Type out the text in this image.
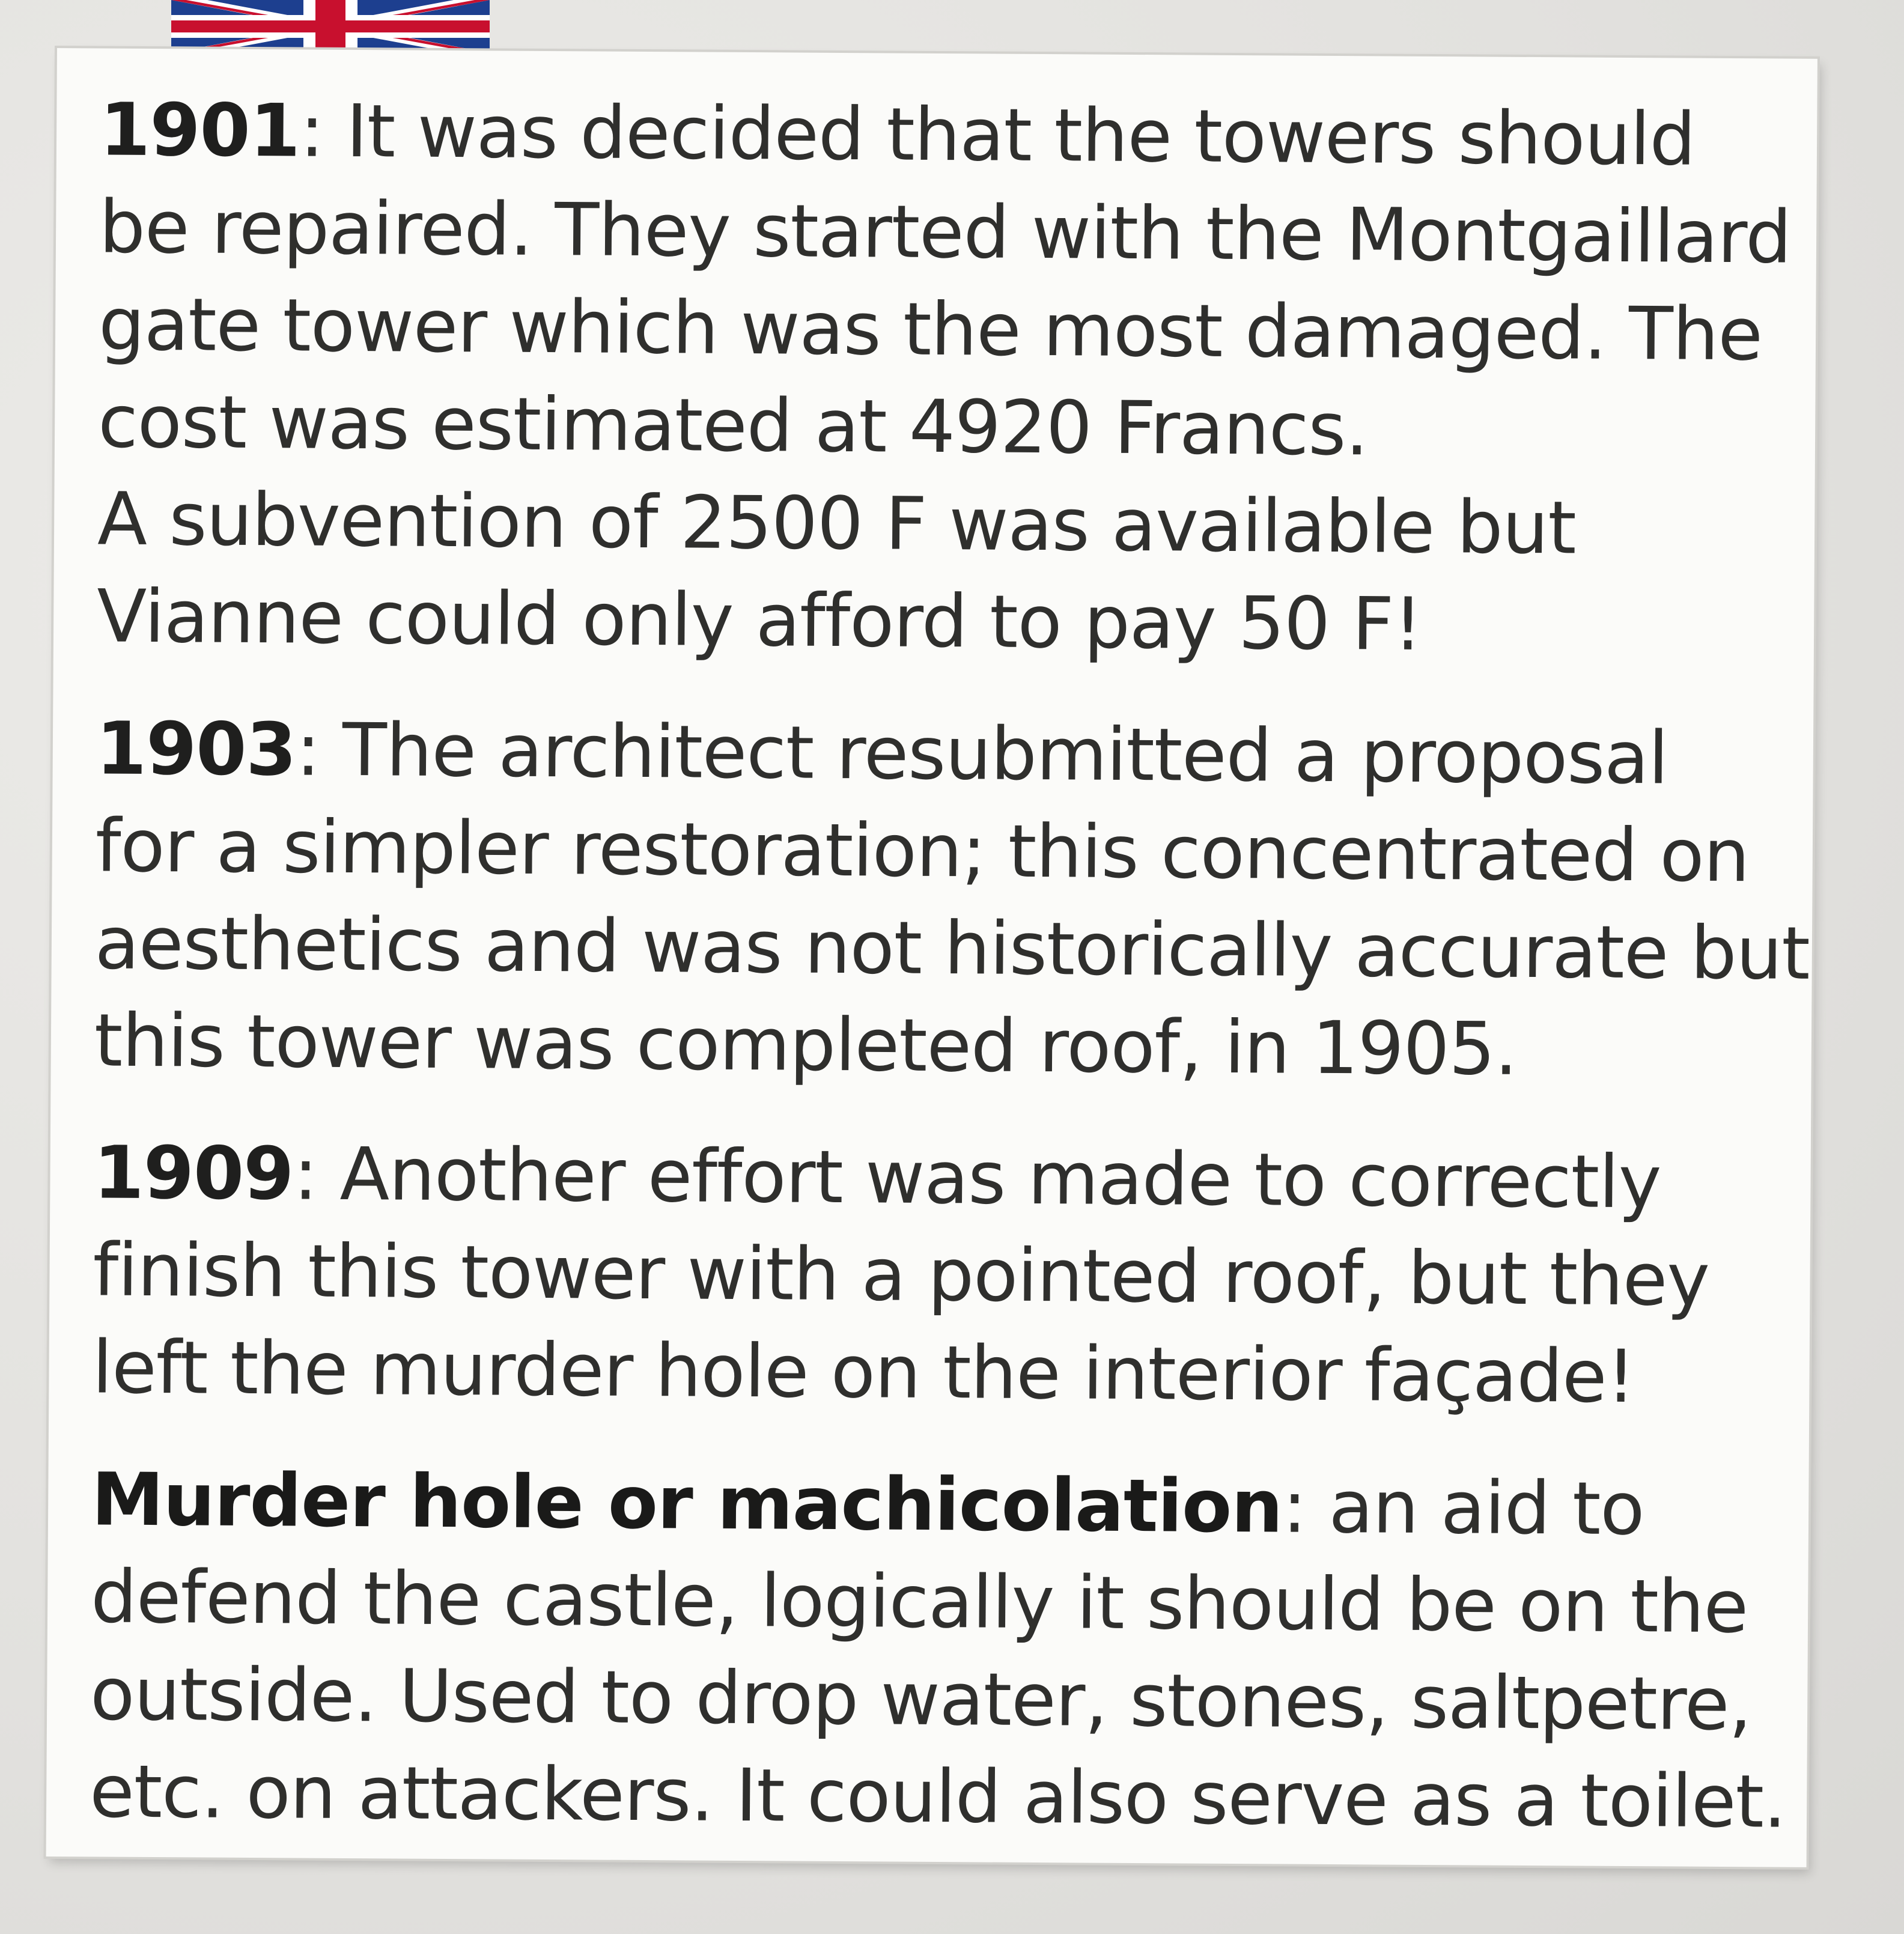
1901: It was decided that the towers should
be repaired. They started with the Montgaillard
gate tower which was the most damaged. The
cost was estimated at 4920 Francs.
A subvention of 2500 F was available but
Vianne could only afford to pay 50 F!

1903: The architect resubmitted a proposal
for a simpler restoration; this concentrated on
aesthetics and was not historically accurate but
this tower was completed roof, in 1905.

1909: Another effort was made to correctly
finish this tower with a pointed roof, but they
left the murder hole on the interior façade!

Murder hole or machicolation: an aid to
defend the castle, logically it should be on the
outside. Used to drop water, stones, saltpetre,
etc. on attackers. It could also serve as a toilet.
